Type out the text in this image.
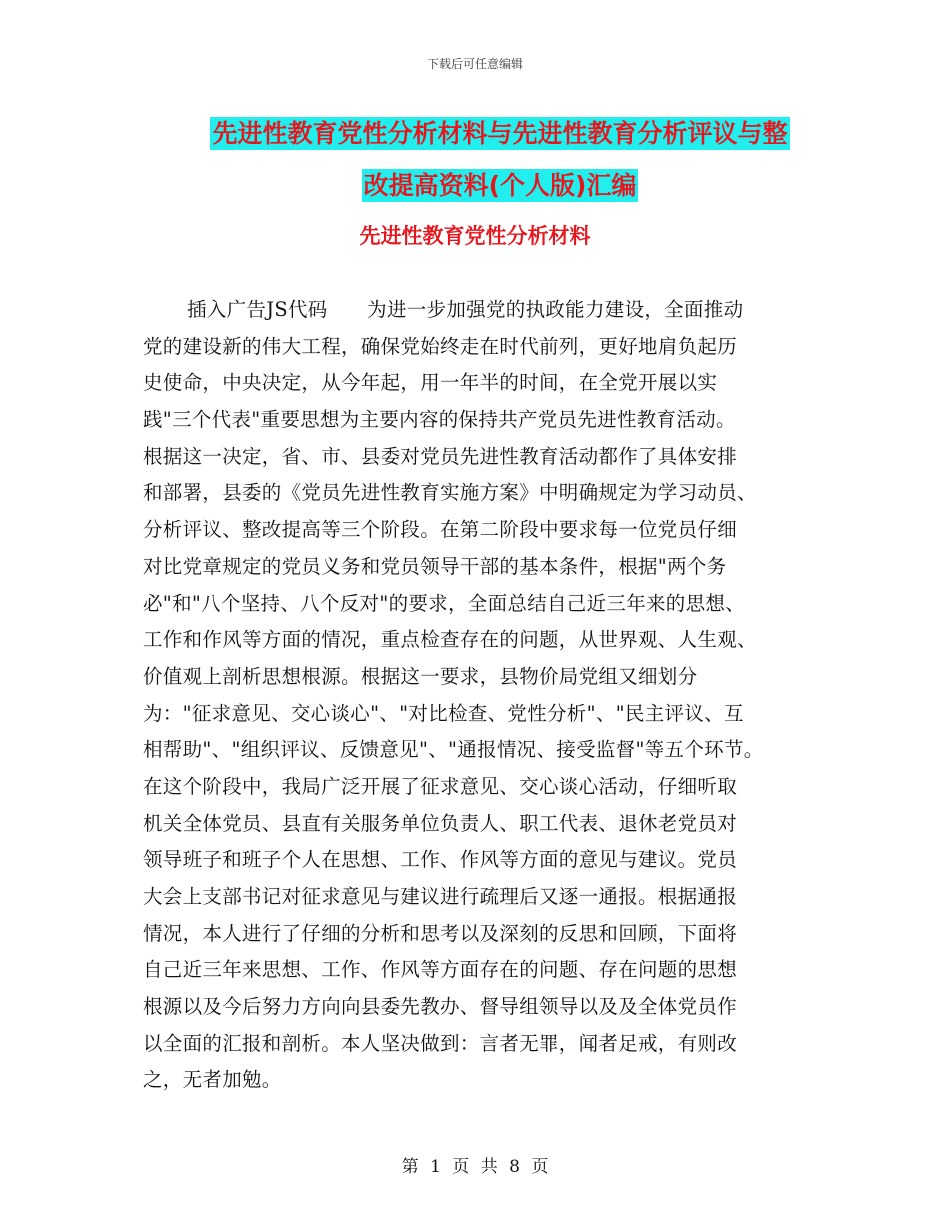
下载后可任意编辑
先进性教育党性分析材料与先进性教育分析评议与整
改提高资料(个人版)汇编
先进性教育党性分析材料
插入广告JS代码　　为进一步加强党的执政能力建设，全面推动
党的建设新的伟大工程，确保党始终走在时代前列，更好地肩负起历
史使命，中央决定，从今年起，用一年半的时间，在全党开展以实
践"三个代表"重要思想为主要内容的保持共产党员先进性教育活动。
根据这一决定，省、市、县委对党员先进性教育活动都作了具体安排
和部署，县委的《党员先进性教育实施方案》中明确规定为学习动员、
分析评议、整改提高等三个阶段。在第二阶段中要求每一位党员仔细
对比党章规定的党员义务和党员领导干部的基本条件，根据"两个务
必"和"八个坚持、八个反对"的要求，全面总结自己近三年来的思想、
工作和作风等方面的情况，重点检查存在的问题，从世界观、人生观、
价值观上剖析思想根源。根据这一要求，县物价局党组又细划分
为："征求意见、交心谈心"、"对比检查、党性分析"、"民主评议、互
相帮助"、"组织评议、反馈意见"、"通报情况、接受监督"等五个环节。
在这个阶段中，我局广泛开展了征求意见、交心谈心活动，仔细听取
机关全体党员、县直有关服务单位负责人、职工代表、退休老党员对
领导班子和班子个人在思想、工作、作风等方面的意见与建议。党员
大会上支部书记对征求意见与建议进行疏理后又逐一通报。根据通报
情况，本人进行了仔细的分析和思考以及深刻的反思和回顾，下面将
自己近三年来思想、工作、作风等方面存在的问题、存在问题的思想
根源以及今后努力方向向县委先教办、督导组领导以及及全体党员作
以全面的汇报和剖析。本人坚决做到：言者无罪，闻者足戒，有则改
之，无者加勉。
第 1 页 共 8 页
